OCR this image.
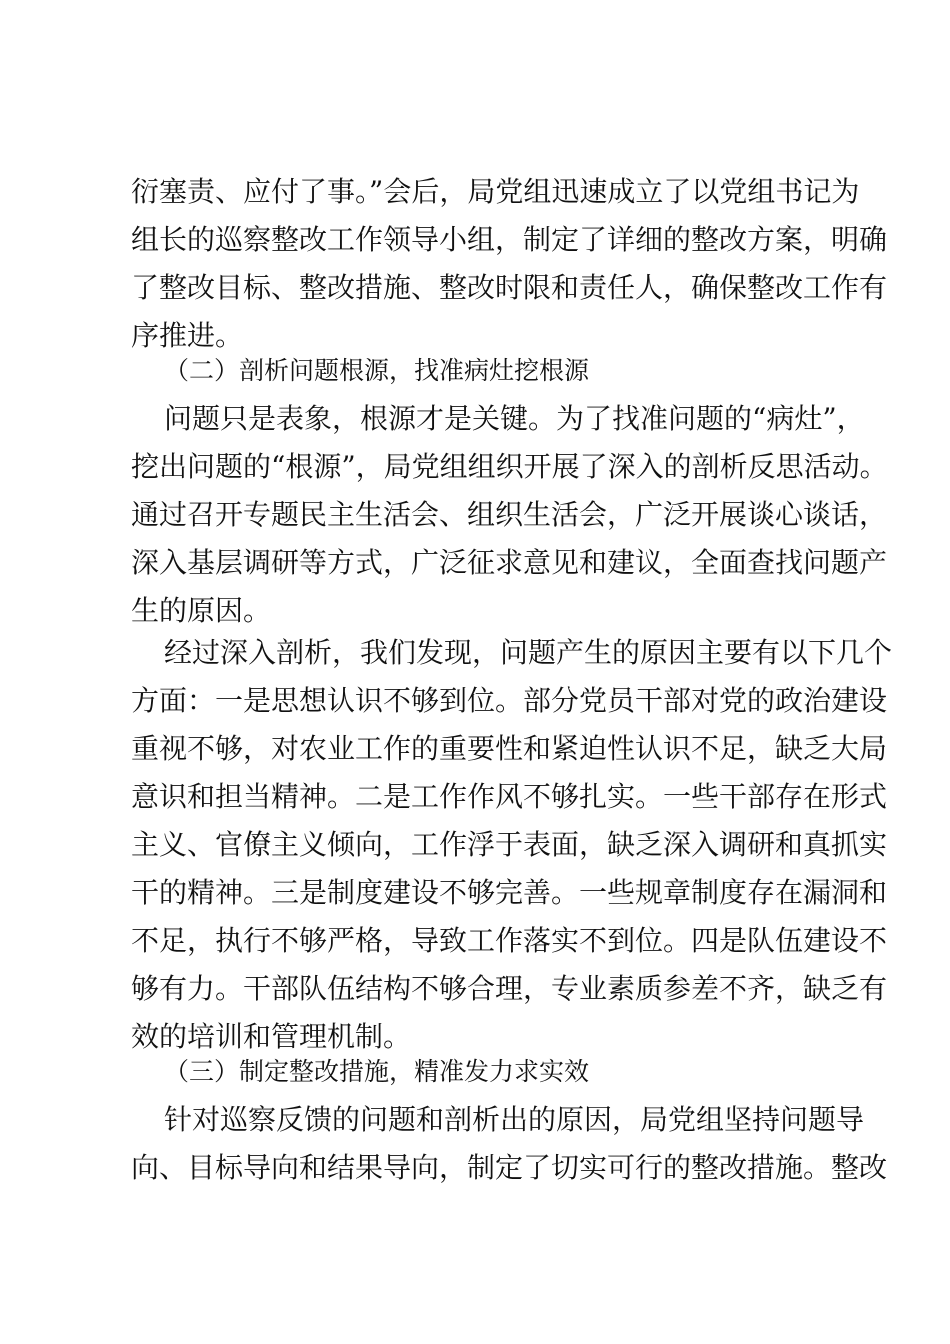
衍塞责、应付了事。”会后，局党组迅速成立了以党组书记为
组长的巡察整改工作领导小组，制定了详细的整改方案，明确
了整改目标、整改措施、整改时限和责任人，确保整改工作有
序推进。
（二）剖析问题根源，找准病灶挖根源
问题只是表象，根源才是关键。为了找准问题的“病灶”，
挖出问题的“根源”，局党组组织开展了深入的剖析反思活动。
通过召开专题民主生活会、组织生活会，广泛开展谈心谈话，
深入基层调研等方式，广泛征求意见和建议，全面查找问题产
生的原因。
经过深入剖析，我们发现，问题产生的原因主要有以下几个
方面：一是思想认识不够到位。部分党员干部对党的政治建设
重视不够，对农业工作的重要性和紧迫性认识不足，缺乏大局
意识和担当精神。二是工作作风不够扎实。一些干部存在形式
主义、官僚主义倾向，工作浮于表面，缺乏深入调研和真抓实
干的精神。三是制度建设不够完善。一些规章制度存在漏洞和
不足，执行不够严格，导致工作落实不到位。四是队伍建设不
够有力。干部队伍结构不够合理，专业素质参差不齐，缺乏有
效的培训和管理机制。
（三）制定整改措施，精准发力求实效
针对巡察反馈的问题和剖析出的原因，局党组坚持问题导
向、目标导向和结果导向，制定了切实可行的整改措施。整改
